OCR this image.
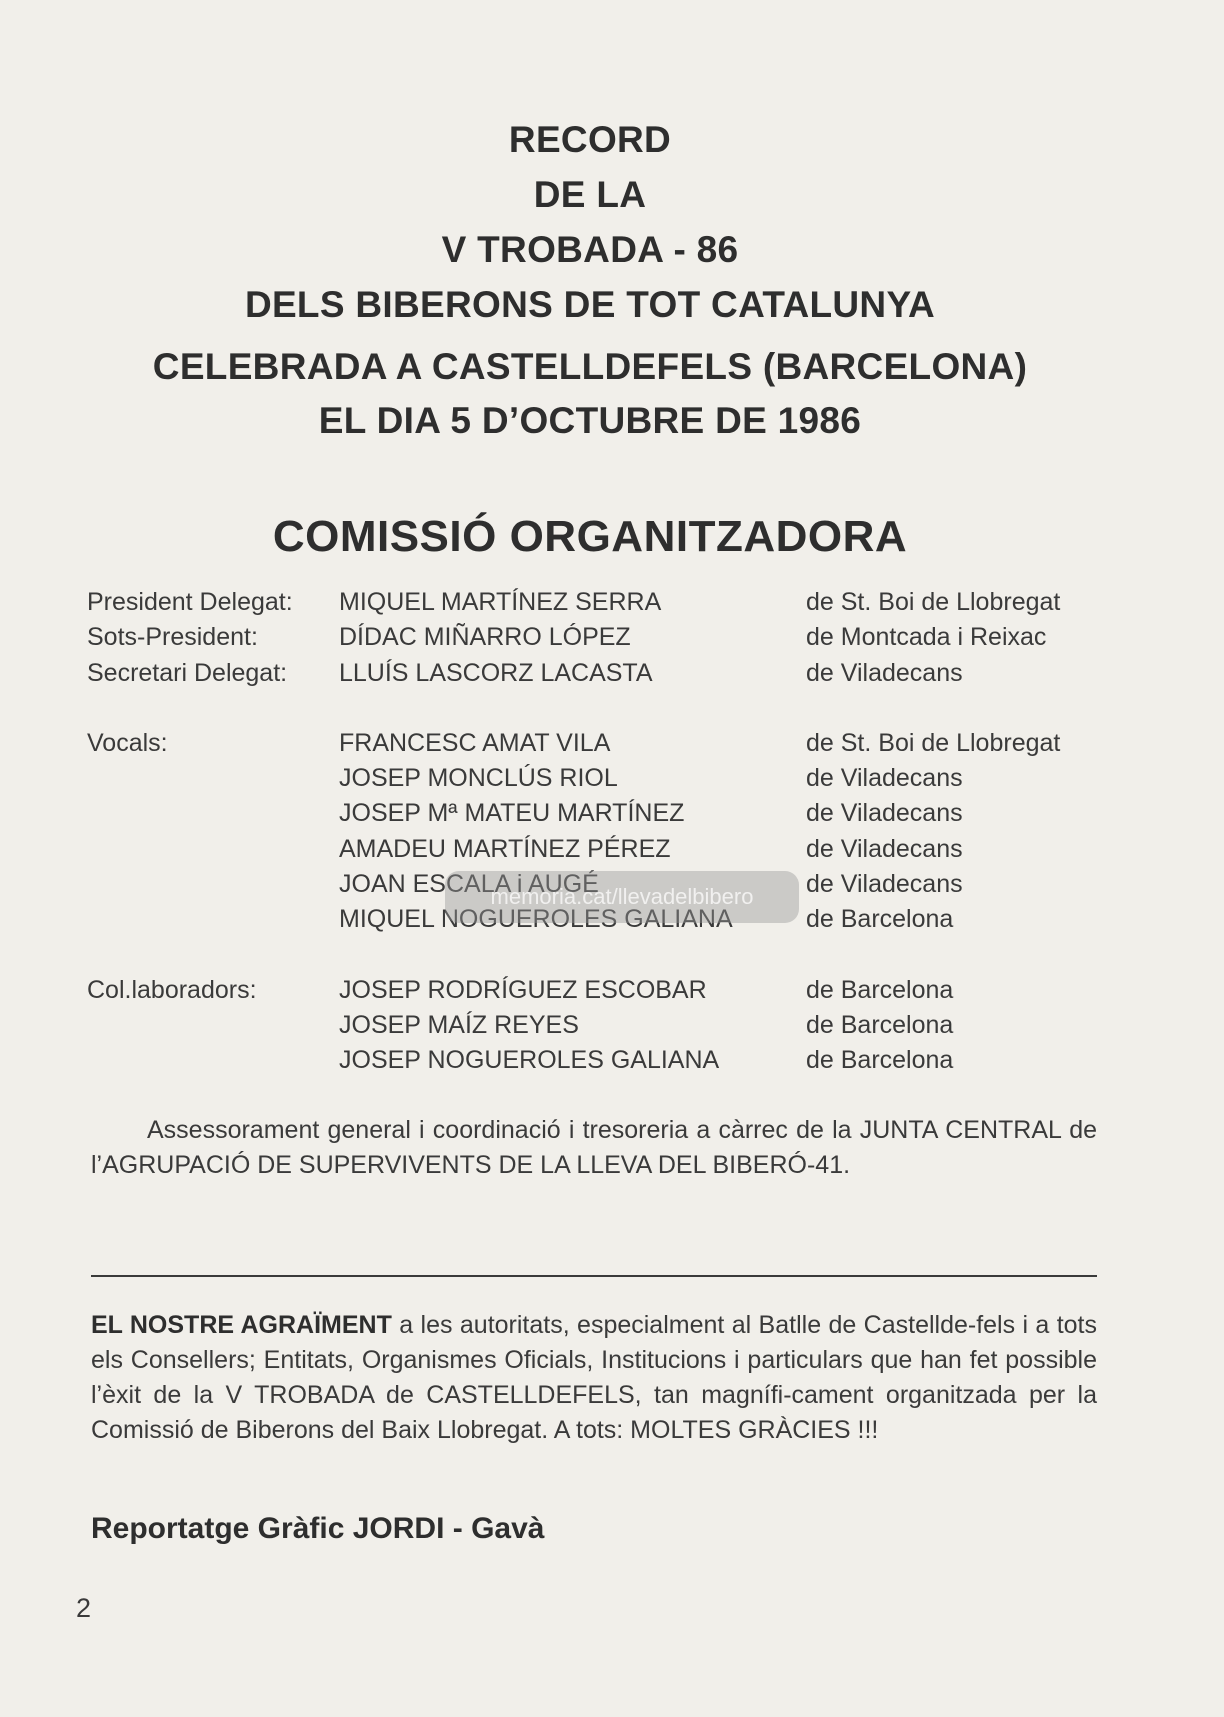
RECORD
DE LA
V TROBADA - 86
DELS BIBERONS DE TOT CATALUNYA
CELEBRADA A CASTELLDEFELS (BARCELONA)
EL DIA 5 D’OCTUBRE DE 1986
COMISSIÓ ORGANITZADORA
President Delegat: MIQUEL MARTÍNEZ SERRA	de St. Boi de Llobregat
Sots-President:	DÍDAC MIÑARRO LÓPEZ	de Montcada i Reixac
Secretari Delegat: LLUÍS LASCORZ LACASTA	de Viladecans
Vocals:	FRANCESC AMAT VILA	de St. Boi de Llobregat
JOSEP MONCLÚS RIOL	de Viladecans
JOSEP Mª MATEU MARTÍNEZ	de Viladecans
AMADEU MARTÍNEZ PÉREZ	de Viladecans
JOAN ESCALA i AUGÉ	de Viladecans
MIQUEL NOGUEROLES GALIANA	de Barcelona
Col.laboradors:	JOSEP RODRÍGUEZ ESCOBAR	de Barcelona
JOSEP MAÍZ REYES	de Barcelona
JOSEP NOGUEROLES GALIANA	de Barcelona
Assessorament general i coordinació i tresoreria a càrrec de la JUNTA CENTRAL de l’AGRUPACIÓ DE SUPERVIVENTS DE LA LLEVA DEL BIBERÓ-41.
EL NOSTRE AGRAÏMENT a les autoritats, especialment al Batlle de Castellde-fels i a tots els Consellers; Entitats, Organismes Oficials, Institucions i particulars que han fet possible l’èxit de la V TROBADA de CASTELLDEFELS, tan magnífi-cament organitzada per la Comissió de Biberons del Baix Llobregat. A tots: MOLTES GRÀCIES !!!
Reportatge Gràfic JORDI - Gavà
2
memoria.cat/llevadelbibero
